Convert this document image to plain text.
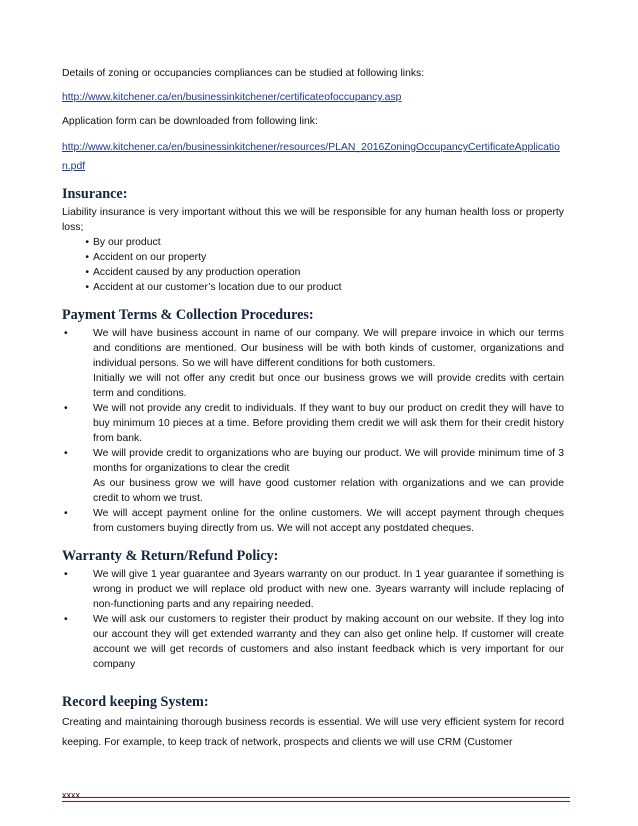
Details of zoning or occupancies compliances can be studied at following links:

http://www.kitchener.ca/en/businessinkitchener/certificateofoccupancy.asp

Application form can be downloaded from following link:

http://www.kitchener.ca/en/businessinkitchener/resources/PLAN_2016ZoningOccupancyCertificateApplication.pdf

Insurance:

Liability insurance is very important without this we will be responsible for any human health loss or property loss;

• By our product
• Accident on our property
• Accident caused by any production operation
• Accident at our customer’s location due to our product
Payment Terms & Collection Procedures:
• We will have business account in name of our company. We will prepare invoice in which our terms and conditions are mentioned. Our business will be with both kinds of customer, organizations and individual persons. So we will have different conditions for both customers.
Initially we will not offer any credit but once our business grows we will provide credits with certain term and conditions.
• We will not provide any credit to individuals. If they want to buy our product on credit they will have to buy minimum 10 pieces at a time. Before providing them credit we will ask them for their credit history from bank.
• We will provide credit to organizations who are buying our product. We will provide minimum time of 3 months for organizations to clear the credit
As our business grow we will have good customer relation with organizations and we can provide credit to whom we trust.
• We will accept payment online for the online customers. We will accept payment through cheques from customers buying directly from us. We will not accept any postdated cheques.
Warranty & Return/Refund Policy:
• We will give 1 year guarantee and 3years warranty on our product. In 1 year guarantee if something is wrong in product we will replace old product with new one. 3years warranty will include replacing of non-functioning parts and any repairing needed.
• We will ask our customers to register their product by making account on our website. If they log into our account they will get extended warranty and they can also get online help. If customer will create account we will get records of customers and also instant feedback which is very important for our company
Record keeping System:

Creating and maintaining thorough business records is essential. We will use very efficient system for record keeping. For example, to keep track of network, prospects and clients we will use CRM (Customer

xxxx
